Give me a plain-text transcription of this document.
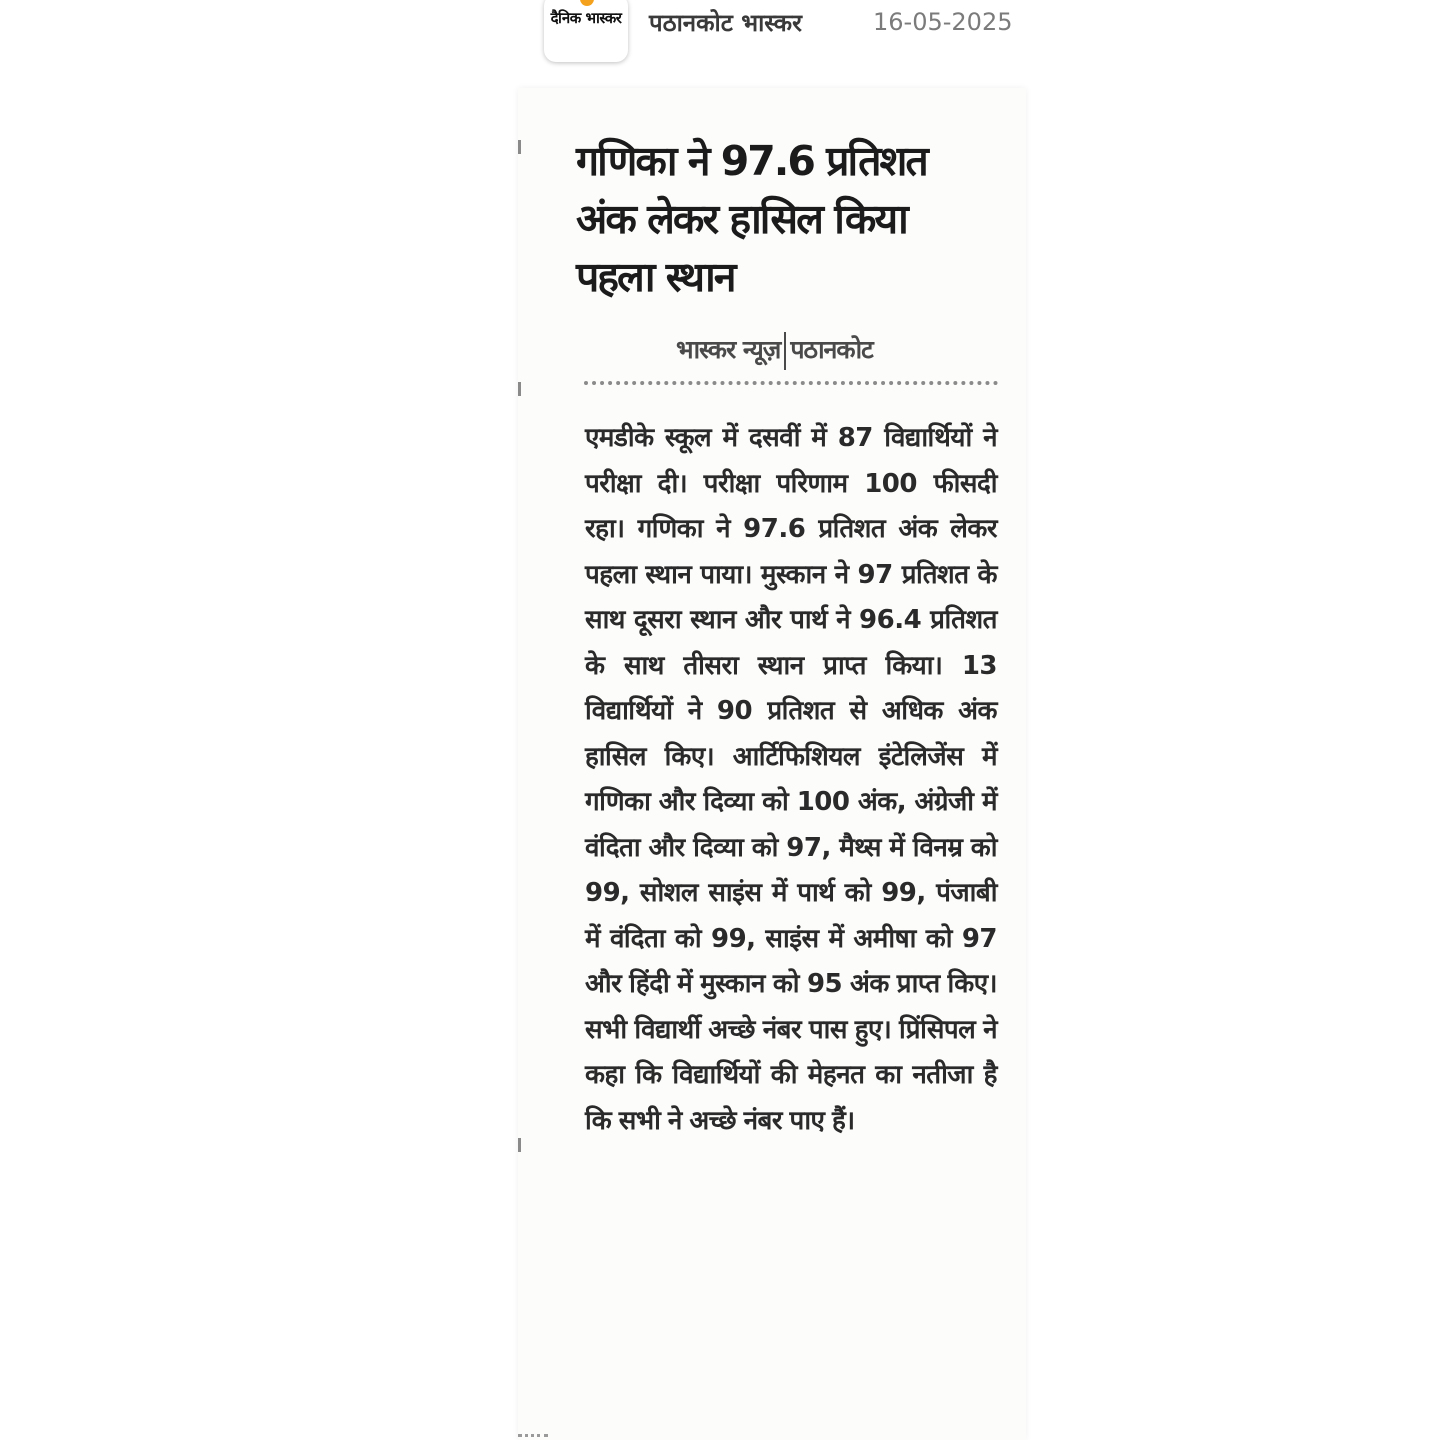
दैनिक भास्कर पठानकोट भास्कर	16-05-2025
गणिका ने 97.6 प्रतिशत अंक लेकर हासिल किया पहला स्थान
भास्कर न्यूज़ पठानकोट
एमडीके स्कूल में दसवीं में 87 विद्यार्थियों ने परीक्षा दी। परीक्षा परिणाम 100 फीसदी रहा। गणिका ने 97.6 प्रतिशत अंक लेकर पहला स्थान पाया। मुस्कान ने 97 प्रतिशत के साथ दूसरा स्थान और पार्थ ने 96.4 प्रतिशत के साथ तीसरा स्थान प्राप्त किया। 13 विद्यार्थियों ने 90 प्रतिशत से अधिक अंक हासिल किए। आर्टिफिशियल इंटेलिजेंस में गणिका और दिव्या को 100 अंक, अंग्रेजी में वंदिता और दिव्या को 97, मैथ्स में विनम्र को 99, सोशल साइंस में पार्थ को 99, पंजाबी में वंदिता को 99, साइंस में अमीषा को 97 और हिंदी में मुस्कान को 95 अंक प्राप्त किए। सभी विद्यार्थी अच्छे नंबर पास हुए। प्रिंसिपल ने कहा कि विद्यार्थियों की मेहनत का नतीजा है कि सभी ने अच्छे नंबर पाए हैं।
